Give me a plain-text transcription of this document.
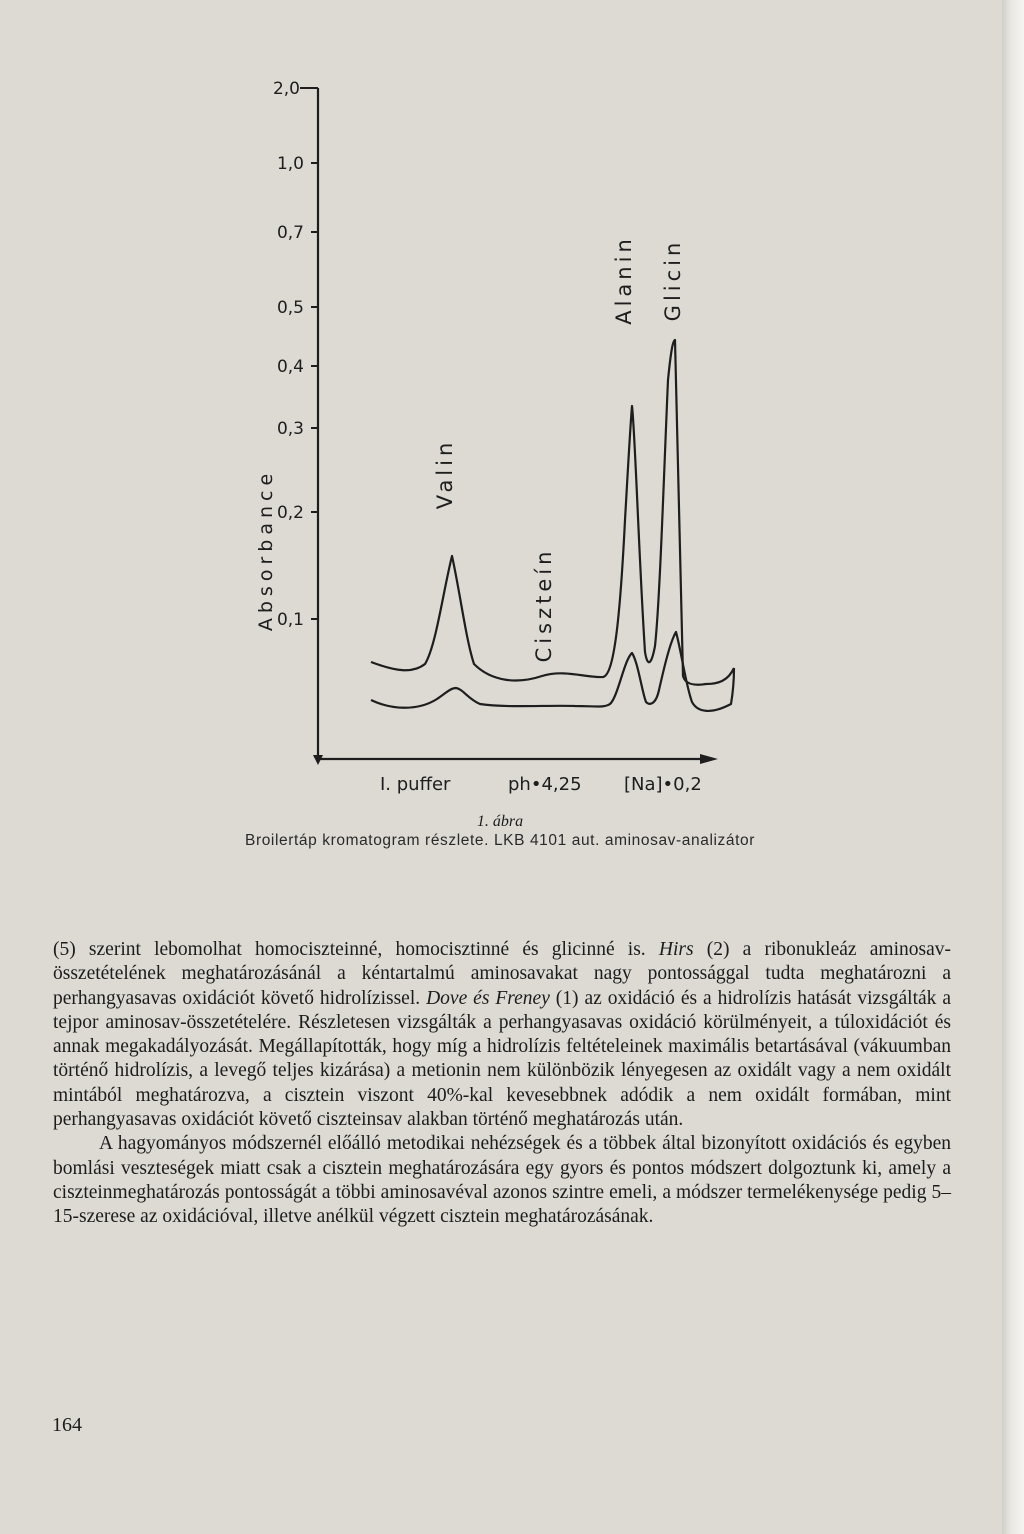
2,0
1,0
0,7
0,5
0,4
0,3
0,2
0,1
Absorbance	Valin
Ciszteín
Alanin Glicin
I. puffer	ph•4,25 [Na]•0,2
1. ábra
Broilertáp kromatogram részlete. LKB 4101 aut. aminosav-analizátor

(5) szerint lebomolhat homociszteinné, homocisztinné és glicinné is. Hirs (2) a ribonukleáz aminosav-összetételének meghatározásánál a kéntartalmú aminosavakat nagy pontossággal tudta meghatározni a perhangyasavas oxidációt követő hidrolízissel. Dove és Freney (1) az oxidáció és a hidrolízis hatását vizsgálták a tejpor aminosav-összetételére. Részletesen vizsgálták a perhangyasavas oxidáció körülményeit, a túloxidációt és annak megakadályozását. Megállapították, hogy míg a hidrolízis feltételeinek maximális betartásával (vákuumban történő hidrolízis, a levegő teljes kizárása) a metionin nem különbözik lényegesen az oxidált vagy a nem oxidált mintából meghatározva, a cisztein viszont 40%-kal kevesebbnek adódik a nem oxidált formában, mint perhangyasavas oxidációt követő ciszteinsav alakban történő meghatározás után.

A hagyományos módszernél előálló metodikai nehézségek és a többek által bizonyított oxidációs és egyben bomlási veszteségek miatt csak a cisztein meghatározására egy gyors és pontos módszert dolgoztunk ki, amely a ciszteinmeghatározás pontosságát a többi aminosavéval azonos szintre emeli, a módszer termelékenysége pedig 5–15-szerese az oxidációval, illetve anélkül végzett cisztein meghatározásának.

164
